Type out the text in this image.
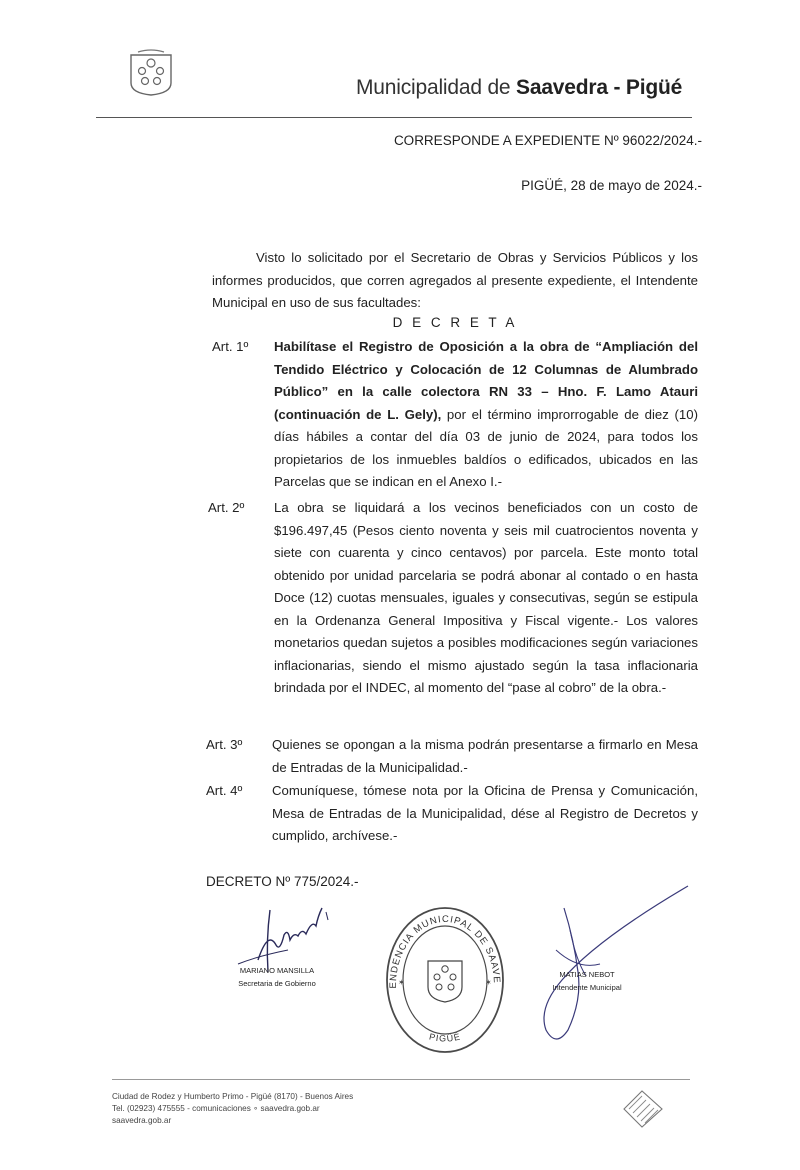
Municipalidad de Saavedra - Pigüé
CORRESPONDE A EXPEDIENTE Nº 96022/2024.-
PIGÜÉ, 28 de mayo de 2024.-

Visto lo solicitado por el Secretario de Obras y Servicios Públicos y los informes producidos, que corren agregados al presente expediente, el Intendente Municipal en uso de sus facultades:

D E C R E T A
Art. 1º Habilítase el Registro de Oposición a la obra de “Ampliación del Tendido Eléctrico y Colocación de 12 Columnas de Alumbrado Público” en la calle colectora RN 33 – Hno. F. Lamo Atauri (continuación de L. Gely), por el término improrrogable de diez (10) días hábiles a contar del día 03 de junio de 2024, para todos los propietarios de los inmuebles baldíos o edificados, ubicados en las Parcelas que se indican en el Anexo I.-

Art. 2º La obra se liquidará a los vecinos beneficiados con un costo de $196.497,45 (Pesos ciento noventa y seis mil cuatrocientos noventa y siete con cuarenta y cinco centavos) por parcela. Este monto total obtenido por unidad parcelaria se podrá abonar al contado o en hasta Doce (12) cuotas mensuales, iguales y consecutivas, según se estipula en la Ordenanza General Impositiva y Fiscal vigente.- Los valores monetarios quedan sujetos a posibles modificaciones según variaciones inflacionarias, siendo el mismo ajustado según la tasa inflacionaria brindada por el INDEC, al momento del “pase al cobro” de la obra.-

Art. 3º Quienes se opongan a la misma podrán presentarse a firmarlo en Mesa de Entradas de la Municipalidad.-

Art. 4º Comuníquese, tómese nota por la Oficina de Prensa y Comunicación, Mesa de Entradas de la Municipalidad, dése al Registro de Decretos y cumplido, archívese.-

DECRETO Nº 775/2024.-
MARIANO MANSILLA
Secretaria de Gobierno	ENDENCIA MUNICIPAL DE SAAVE
PIGÜÉ
✶	✶
MATIAS NEBOT
Intendente Municipal
Ciudad de Rodez y Humberto Primo - Pigüé (8170) - Buenos Aires
Tel. (02923) 475555 - comunicaciones ∘ saavedra.gob.ar
saavedra.gob.ar
